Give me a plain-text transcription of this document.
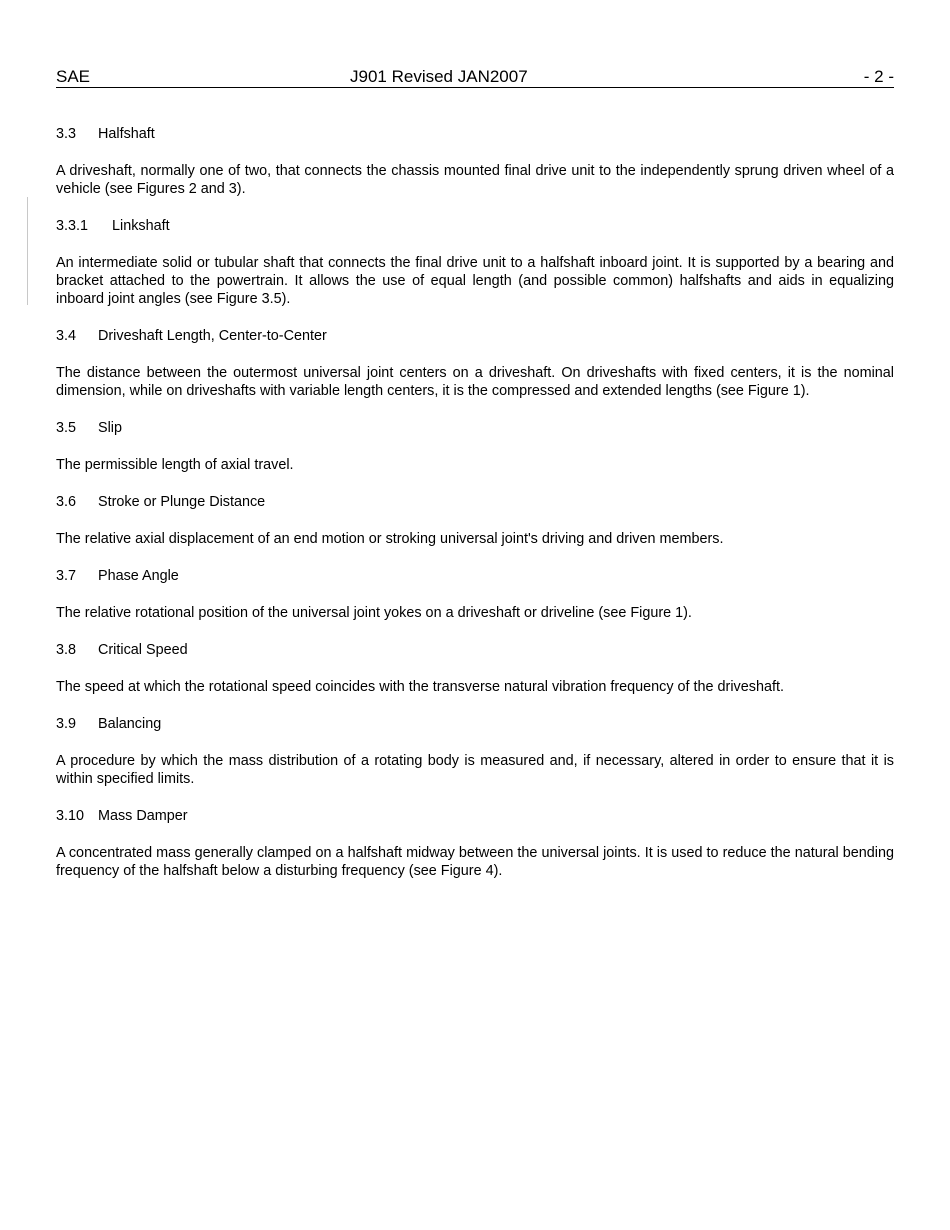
SAE	J901 Revised JAN2007	- 2 -
3.3 Halfshaft

A driveshaft, normally one of two, that connects the chassis mounted final drive unit to the independently sprung driven wheel of a vehicle (see Figures 2 and 3).

3.3.1 Linkshaft

An intermediate solid or tubular shaft that connects the final drive unit to a halfshaft inboard joint. It is supported by a bearing and bracket attached to the powertrain. It allows the use of equal length (and possible common) halfshafts and aids in equalizing inboard joint angles (see Figure 3.5).

3.4 Driveshaft Length, Center-to-Center

The distance between the outermost universal joint centers on a driveshaft. On driveshafts with fixed centers, it is the nominal dimension, while on driveshafts with variable length centers, it is the compressed and extended lengths (see Figure 1).

3.5 Slip

The permissible length of axial travel.

3.6 Stroke or Plunge Distance

The relative axial displacement of an end motion or stroking universal joint's driving and driven members.

3.7 Phase Angle

The relative rotational position of the universal joint yokes on a driveshaft or driveline (see Figure 1).

3.8 Critical Speed

The speed at which the rotational speed coincides with the transverse natural vibration frequency of the driveshaft.

3.9 Balancing

A procedure by which the mass distribution of a rotating body is measured and, if necessary, altered in order to ensure that it is within specified limits.

3.10 Mass Damper

A concentrated mass generally clamped on a halfshaft midway between the universal joints. It is used to reduce the natural bending frequency of the halfshaft below a disturbing frequency (see Figure 4).
